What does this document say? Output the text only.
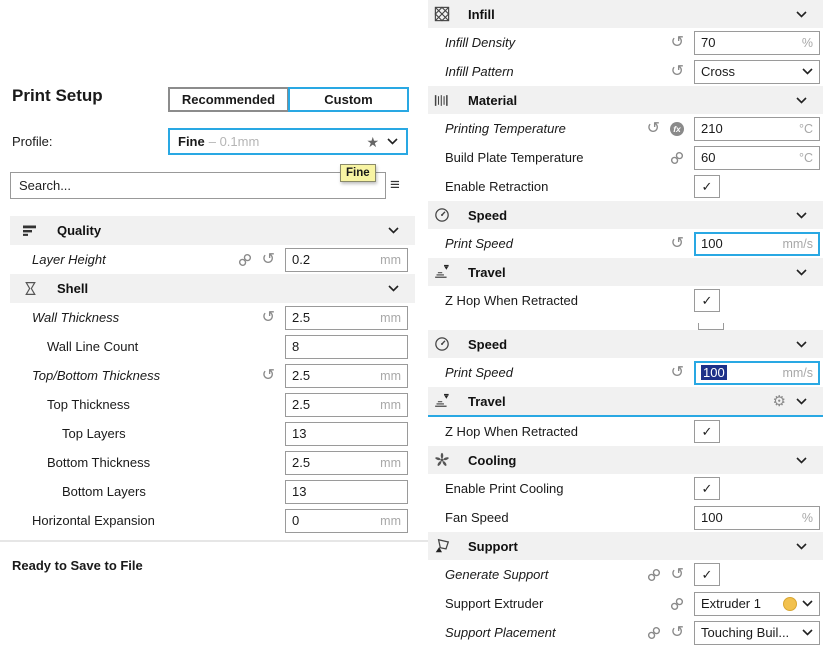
Print Setup	Recommended	Custom
Profile:	Fine – 0.1mm	★
Search...	≡
Fine
Quality
Layer Height	↺ 0.2	mm
Shell
Wall Thickness	↺ 2.5	mm
Wall Line Count	8
Top/Bottom Thickness	↺ 2.5	mm
Top Thickness	2.5	mm
Top Layers	13
Bottom Thickness	2.5	mm
Bottom Layers	13
Horizontal Expansion	0	mm
Ready to Save to File
Infill
Infill Density	↺ 70	%
Infill Pattern	↺ Cross
Material
Printing Temperature	↺	fx 210	°C
Build Plate Temperature	60	°C
Enable Retraction	✓
Speed
Print Speed	↺ 100	mm/s
Travel
Z Hop When Retracted	✓
Speed
Print Speed	↺ 100	mm/s
Travel	⚙
Z Hop When Retracted	✓
Cooling
Enable Print Cooling	✓
Fan Speed	100	%
Support
Generate Support	↺ ✓
Support Extruder	Extruder 1
Support Placement	↺ Touching Buil...
